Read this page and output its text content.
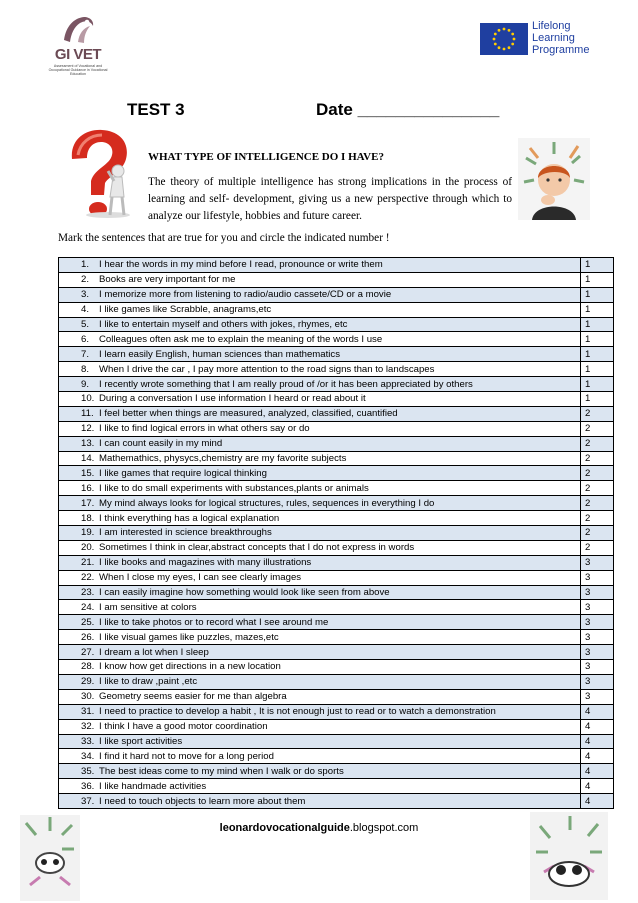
GI VET
Assessment of Vocational and Occupational Guidance in Vocational Education
Lifelong Learning Programme
TEST 3	Date _______________
WHAT TYPE OF INTELLIGENCE DO I HAVE?
The theory of multiple intelligence has strong implications in the process of learning and self- development, giving us a new perspective through which to analyze our lifestyle, hobbies and future career.
Mark the sentences that are true for you and circle the indicated number !
1. I hear the words in my mind before I read, pronounce or write them	1
2. Books are very important for me	1
3. I memorize more from listening to radio/audio cassete/CD or a movie	1
4. I like games like Scrabble, anagrams,etc	1
5. I like to entertain myself and others with jokes, rhymes, etc	1
6. Colleagues often ask me to explain the meaning of the words I use	1
7. I learn easily English, human sciences than mathematics	1
8. When I drive the car , I pay more attention to the road signs than to landscapes	1
9. I recently wrote something that I am really proud of /or it has been appreciated by others	1
10. During a conversation I use information I heard or read about it	1
11. I feel better when things are measured, analyzed, classified, cuantified	2
12. I like to find logical errors in what others say or do	2
13. I can count easily in my mind	2
14. Mathemathics, physycs,chemistry are my favorite subjects	2
15. I like games that require logical thinking	2
16. I like to do small experiments with substances,plants or animals	2
17. My mind always looks for logical structures, rules, sequences in everything I do	2
18. I think everything has a logical explanation	2
19. I am interested in science breakthroughs	2
20. Sometimes I think in clear,abstract concepts that I do not express in words	2
21. I like books and magazines with many illustrations	3
22. When I close my eyes, I can see clearly images	3
23. I can easily imagine how something would look like seen from above	3
24. I am sensitive at colors	3
25. I like to take photos or to record what I see around me	3
26. I like visual games like puzzles, mazes,etc	3
27. I dream a lot when I sleep	3
28. I know how get directions in a new location	3
29. I like to draw ,paint ,etc	3
30. Geometry seems easier for me than algebra	3
31. I need to practice to develop a habit , It is not enough just to read or to watch a demonstration	4
32. I think I have a good motor coordination	4
33. I like sport activities	4
34. I find it hard not to move for a long period	4
35. The best ideas come to my mind when I walk or do sports	4
36. I like handmade activities	4
37. I need to touch objects to learn more about them	4
leonardovocationalguide.blogspot.com
